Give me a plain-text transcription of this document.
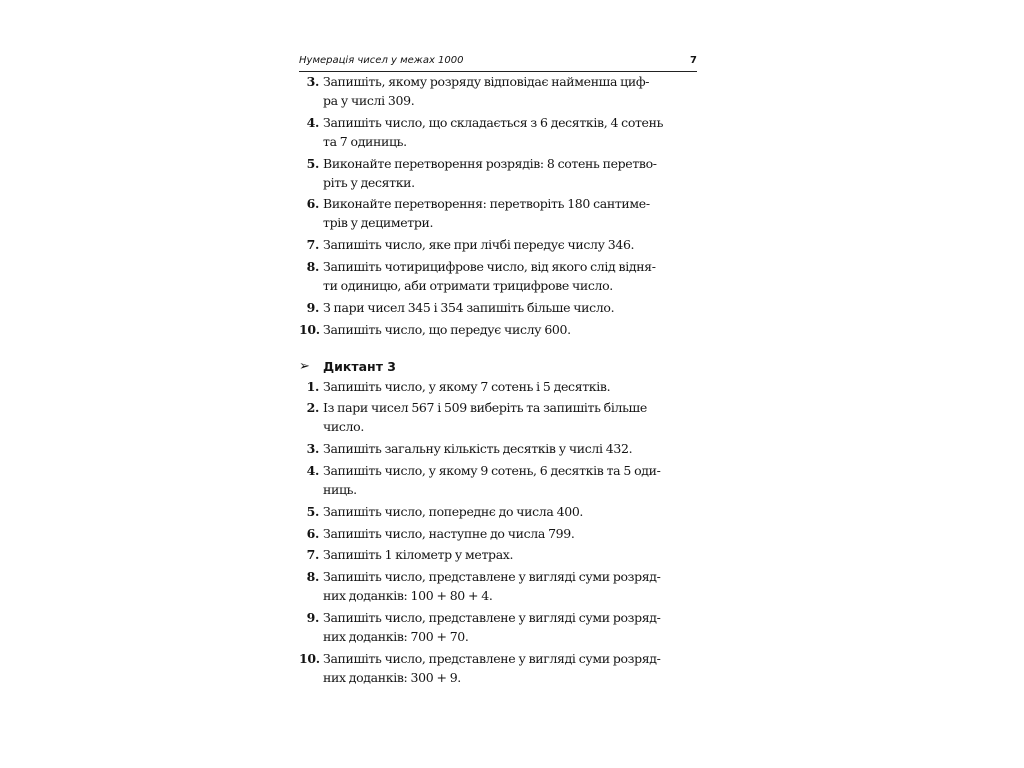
Нумерація чисел у межах 1000	7
3. Запишіть, якому розряду відповідає найменша циф-
ра у числі 309.
4. Запишіть число, що складається з 6 десятків, 4 сотень
та 7 одиниць.
5. Виконайте перетворення розрядів: 8 сотень перетво-
ріть у десятки.
6. Виконайте перетворення: перетворіть 180 сантиме-
трів у дециметри.
7. Запишіть число, яке при лічбі передує числу 346.
8. Запишіть чотирицифрове число, від якого слід відня-
ти одиницю, аби отримати трицифрове число.
9. З пари чисел 345 і 354 запишіть більше число.
10. Запишіть число, що передує числу 600.
➢	Диктант 3
1. Запишіть число, у якому 7 сотень і 5 десятків.
2. Із пари чисел 567 і 509 виберіть та запишіть більше
число.
3. Запишіть загальну кількість десятків у числі 432.
4. Запишіть число, у якому 9 сотень, 6 десятків та 5 оди-
ниць.
5. Запишіть число, попереднє до числа 400.
6. Запишіть число, наступне до числа 799.
7. Запишіть 1 кілометр у метрах.
8. Запишіть число, представлене у вигляді суми розряд-
них доданків: 100 + 80 + 4.
9. Запишіть число, представлене у вигляді суми розряд-
них доданків: 700 + 70.
10. Запишіть число, представлене у вигляді суми розряд-
них доданків: 300 + 9.
